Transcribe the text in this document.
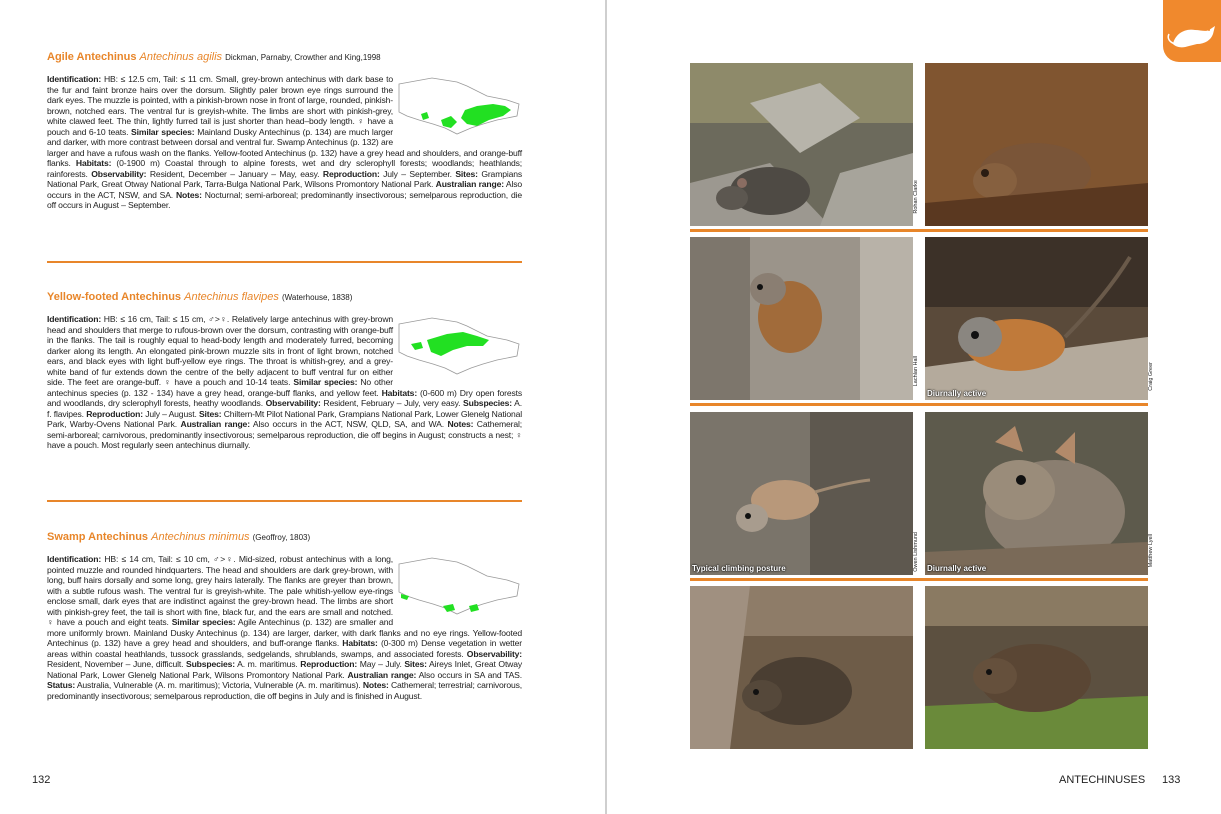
Agile Antechinus Antechinus agilis Dickman, Parnaby, Crowther and King,1998

Identification: HB: ≤ 12.5 cm, Tail: ≤ 11 cm. Small, grey-brown antechinus with dark base to the fur and faint bronze hairs over the dorsum. Slightly paler brown eye rings surround the dark eyes. The muzzle is pointed, with a pinkish-brown nose in front of large, rounded, pinkish-brown, notched ears. The ventral fur is greyish-white. The limbs are short with pinkish-grey, white clawed feet. The thin, lightly furred tail is just shorter than head–body length. ♀ have a pouch and 6-10 teats. Similar species: Mainland Dusky Antechinus (p. 134) are much larger and darker, with more contrast between dorsal and ventral fur. Swamp Antechinus (p. 132) are larger and have a rufous wash on the flanks. Yellow-footed Antechinus (p. 132) have a grey head and shoulders, and orange-buff flanks. Habitats: (0-1900 m) Coastal through to alpine forests, wet and dry sclerophyll forests; woodlands; heathlands; rainforests. Observability: Resident, December – January – May, easy. Reproduction: July – September. Sites: Grampians National Park, Great Otway National Park, Tarra-Bulga National Park, Wilsons Promontory National Park. Australian range: Also occurs in the ACT, NSW, and SA. Notes: Nocturnal; semi-arboreal; predominantly insectivorous; semelparous reproduction, die off occurs in August – September.

Yellow-footed Antechinus Antechinus flavipes (Waterhouse, 1838)

Identification: HB: ≤ 16 cm, Tail: ≤ 15 cm, ♂>♀. Relatively large antechinus with grey-brown head and shoulders that merge to rufous-brown over the dorsum, contrasting with orange-buff in the flanks. The tail is roughly equal to head-body length and moderately furred, becoming darker along its length. An elongated pink-brown muzzle sits in front of light brown, notched ears, and black eyes with light buff-yellow eye rings. The throat is whitish-grey, and a grey-white band of fur extends down the centre of the belly adjacent to buff ventral fur on either side. The feet are orange-buff. ♀ have a pouch and 10-14 teats. Similar species: No other antechinus species (p. 132 - 134) have a grey head, orange-buff flanks, and yellow feet. Habitats: (0-600 m) Dry open forests and woodlands, dry sclerophyll forests, heathy woodlands. Observability: Resident, February – July, very easy. Subspecies: A. f. flavipes. Reproduction: July – August. Sites: Chiltern-Mt Pilot National Park, Grampians National Park, Lower Glenelg National Park, Warby-Ovens National Park. Australian range: Also occurs in the ACT, NSW, QLD, SA, and WA. Notes: Cathemeral; semi-arboreal; carnivorous, predominantly insectivorous; semelparous reproduction, die off begins in August; constructs a nest; ♀ have a pouch. Most regularly seen antechinus diurnally.

Swamp Antechinus Antechinus minimus (Geoffroy, 1803)

Identification: HB: ≤ 14 cm, Tail: ≤ 10 cm, ♂>♀. Mid-sized, robust antechinus with a long, pointed muzzle and rounded hindquarters. The head and shoulders are dark grey-brown, with long, buff hairs dorsally and some long, grey hairs laterally. The flanks are greyer than brown, with a subtle rufous wash. The ventral fur is greyish-white. The pale whitish-yellow eye-rings enclose small, dark eyes that are indistinct against the grey-brown head. The limbs are short with pinkish-grey feet, the tail is short with fine, black fur, and the ears are small and notched. ♀ have a pouch and eight teats. Similar species: Agile Antechinus (p. 132) are smaller and more uniformly brown. Mainland Dusky Antechinus (p. 134) are larger, darker, with dark flanks and no eye rings. Yellow-footed Antechinus (p. 132) have a grey head and shoulders, and buff-orange flanks. Habitats: (0-300 m) Dense vegetation in wetter areas within coastal heathlands, tussock grasslands, sedgelands, shrublands, swamps, and associated forests. Observability: Resident, November – June, difficult. Subspecies: A. m. maritimus. Reproduction: May – July. Sites: Aireys Inlet, Great Otway National Park, Lower Glenelg National Park, Wilsons Promontory National Park. Australian range: Also occurs in SA and TAS. Status: Australia, Vulnerable (A. m. maritimus); Victoria, Vulnerable (A. m. maritimus). Notes: Cathemeral; terrestrial; carnivorous, predominantly insectivorous; semelparous reproduction, die off begins in July and is finished in August.
132	ANTECHINUSES 133
Rohan Clarke
Diurnally active
Lachlan Hall	Craig Greer
Typical climbing posture	Diurnally active
Owen Lishmund	Matthew Lyell
